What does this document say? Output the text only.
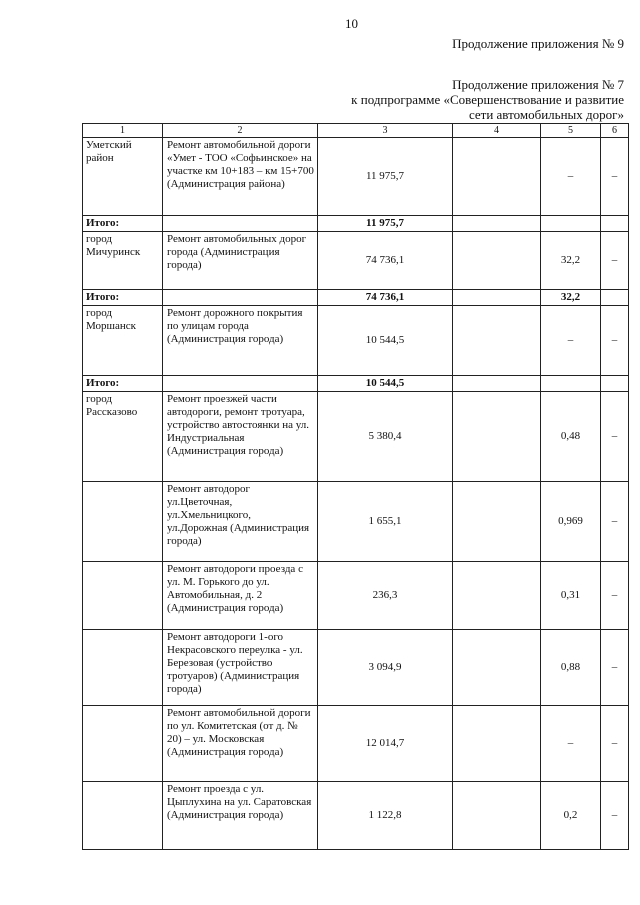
10
Продолжение приложения № 9
Продолжение приложения № 7
к подпрограмме «Совершенствование и развитие
сети автомобильных дорог»
1	2	3	4	5	6
Уметский район	Ремонт автомобильной дороги «Умет - ТОО «Софьинское» на участке км 10+183 – км 15+700 (Администрация района)	11 975,7		–	–
Итого:		11 975,7			
город Мичуринск	Ремонт автомобильных дорог города (Администрация города)	74 736,1		32,2	–
Итого:		74 736,1		32,2	
город Моршанск	Ремонт дорожного покрытия по улицам города (Администрация города)	10 544,5		–	–
Итого:		10 544,5			
город Рассказово	Ремонт проезжей части автодороги, ремонт тротуара, устройство автостоянки на ул. Индустриальная (Администрация города)	5 380,4		0,48	–
	Ремонт автодорог ул.Цветочная, ул.Хмельницкого, ул.Дорожная (Администрация города)	1 655,1		0,969	–
	Ремонт автодороги проезда с ул. М. Горького до ул. Автомобильная, д. 2 (Администрация города)	236,3		0,31	–
	Ремонт автодороги 1-ого Некрасовского переулка - ул. Березовая (устройство тротуаров) (Администрация города)	3 094,9		0,88	–
	Ремонт автомобильной дороги по ул. Комитетская (от д. № 20) – ул. Московская (Администрация города)	12 014,7		–	–
	Ремонт проезда с ул. Цыплухина на ул. Саратовская (Администрация города)	1 122,8		0,2	–
